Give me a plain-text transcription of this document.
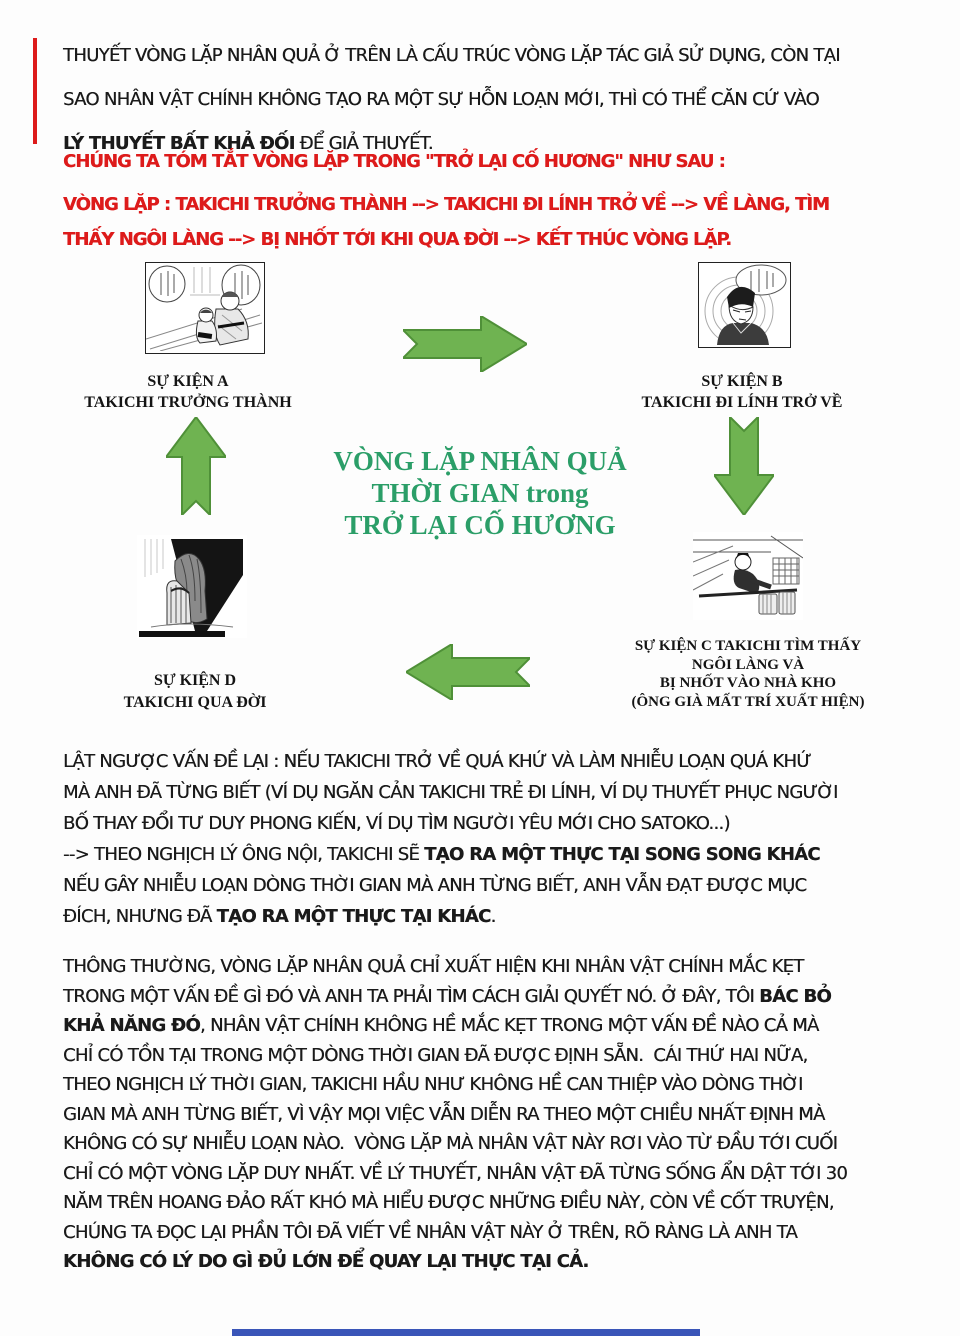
THUYẾT VÒNG LẶP NHÂN QUẢ Ở TRÊN LÀ CẤU TRÚC VÒNG LẶP TÁC GIẢ SỬ DỤNG, CÒN TẠI
SAO NHÂN VẬT CHÍNH KHÔNG TẠO RA MỘT SỰ HỖN LOẠN MỚI, THÌ CÓ THỂ CĂN CỨ VÀO
LÝ THUYẾT BẤT KHẢ ĐỐI ĐỂ GIẢ THUYẾT.
CHÚNG TA TÓM TẮT VÒNG LẶP TRONG "TRỞ LẠI CỐ HƯƠNG" NHƯ SAU :
VÒNG LẶP : TAKICHI TRƯỞNG THÀNH --> TAKICHI ĐI LÍNH TRỞ VỀ --> VỀ LÀNG, TÌM
THẤY NGÔI LÀNG --> BỊ NHỐT TỚI KHI QUA ĐỜI --> KẾT THÚC VÒNG LẶP.
SỰ KIỆN A
TAKICHI TRƯỞNG THÀNH
SỰ KIỆN B
TAKICHI ĐI LÍNH TRỞ VỀ
SỰ KIỆN C TAKICHI TÌM THẤY
NGÔI LÀNG VÀ
BỊ NHỐT VÀO NHÀ KHO
(ÔNG GIÀ MẤT TRÍ XUẤT HIỆN)
SỰ KIỆN D
TAKICHI QUA ĐỜI
VÒNG LẶP NHÂN QUẢ
THỜI GIAN trong
TRỞ LẠI CỐ HƯƠNG
LẬT NGƯỢC VẤN ĐỀ LẠI : NẾU TAKICHI TRỞ VỀ QUÁ KHỨ VÀ LÀM NHIỄU LOẠN QUÁ KHỨ
MÀ ANH ĐÃ TỪNG BIẾT (VÍ DỤ NGĂN CẢN TAKICHI TRẺ ĐI LÍNH, VÍ DỤ THUYẾT PHỤC NGƯỜI
BỐ THAY ĐỔI TƯ DUY PHONG KIẾN, VÍ DỤ TÌM NGƯỜI YÊU MỚI CHO SATOKO...)
--> THEO NGHỊCH LÝ ÔNG NỘI, TAKICHI SẼ TẠO RA MỘT THỰC TẠI SONG SONG KHÁC
NẾU GÂY NHIỄU LOẠN DÒNG THỜI GIAN MÀ ANH TỪNG BIẾT, ANH VẪN ĐẠT ĐƯỢC MỤC
ĐÍCH, NHƯNG ĐÃ TẠO RA MỘT THỰC TẠI KHÁC.
THÔNG THƯỜNG, VÒNG LẶP NHÂN QUẢ CHỈ XUẤT HIỆN KHI NHÂN VẬT CHÍNH MẮC KẸT
TRONG MỘT VẤN ĐỀ GÌ ĐÓ VÀ ANH TA PHẢI TÌM CÁCH GIẢI QUYẾT NÓ. Ở ĐÂY, TÔI BÁC BỎ
KHẢ NĂNG ĐÓ, NHÂN VẬT CHÍNH KHÔNG HỀ MẮC KẸT TRONG MỘT VẤN ĐỀ NÀO CẢ MÀ
CHỈ CÓ TỒN TẠI TRONG MỘT DÒNG THỜI GIAN ĐÃ ĐƯỢC ĐỊNH SẴN.  CÁI THỨ HAI NỮA,
THEO NGHỊCH LÝ THỜI GIAN, TAKICHI HẦU NHƯ KHÔNG HỀ CAN THIỆP VÀO DÒNG THỜI
GIAN MÀ ANH TỪNG BIẾT, VÌ VẬY MỌI VIỆC VẪN DIỄN RA THEO MỘT CHIỀU NHẤT ĐỊNH MÀ
KHÔNG CÓ SỰ NHIỄU LOẠN NÀO.  VÒNG LẶP MÀ NHÂN VẬT NÀY RƠI VÀO TỪ ĐẦU TỚI CUỐI
CHỈ CÓ MỘT VÒNG LẶP DUY NHẤT. VỀ LÝ THUYẾT, NHÂN VẬT ĐÃ TỪNG SỐNG ẨN DẬT TỚI 30
NĂM TRÊN HOANG ĐẢO RẤT KHÓ MÀ HIỂU ĐƯỢC NHỮNG ĐIỀU NÀY, CÒN VỀ CỐT TRUYỆN,
CHÚNG TA ĐỌC LẠI PHẦN TÔI ĐÃ VIẾT VỀ NHÂN VẬT NÀY Ở TRÊN, RÕ RÀNG LÀ ANH TA
KHÔNG CÓ LÝ DO GÌ ĐỦ LỚN ĐỂ QUAY LẠI THỰC TẠI CẢ.
